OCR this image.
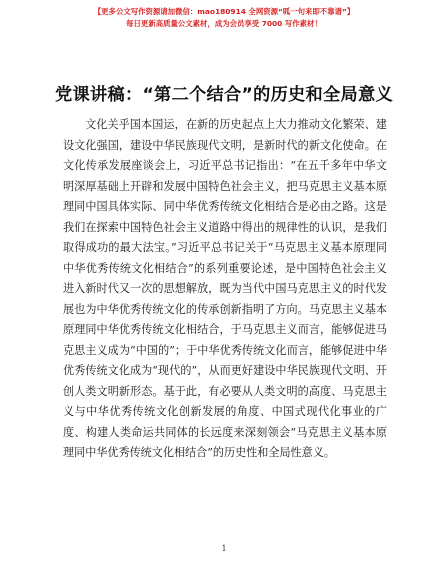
【更多公文写作资源请加微信：mao180914 全网资源“呱一句来即不靠谱”】
每日更新高质量公文素材，成为会员享受 7000 写作素材！
党课讲稿：“第二个结合”的历史和全局意义

文化关乎国本国运，在新的历史起点上大力推动文化繁荣、建设文化强国，建设中华民族现代文明，是新时代的新文化使命。在文化传承发展座谈会上，习近平总书记指出：“在五千多年中华文明深厚基础上开辟和发展中国特色社会主义，把马克思主义基本原理同中国具体实际、同中华优秀传统文化相结合是必由之路。这是我们在探索中国特色社会主义道路中得出的规律性的认识，是我们取得成功的最大法宝。”习近平总书记关于“马克思主义基本原理同中华优秀传统文化相结合”的系列重要论述，是中国特色社会主义进入新时代又一次的思想解放，既为当代中国马克思主义的时代发展也为中华优秀传统文化的传承创新指明了方向。马克思主义基本原理同中华优秀传统文化相结合，于马克思主义而言，能够促进马克思主义成为“中国的”；于中华优秀传统文化而言，能够促进中华优秀传统文化成为“现代的”，从而更好建设中华民族现代文明、开创人类文明新形态。基于此，有必要从人类文明的高度、马克思主义与中华优秀传统文化创新发展的角度、中国式现代化事业的广度、构建人类命运共同体的长远度来深刻领会“马克思主义基本原理同中华优秀传统文化相结合”的历史性和全局性意义。

1
